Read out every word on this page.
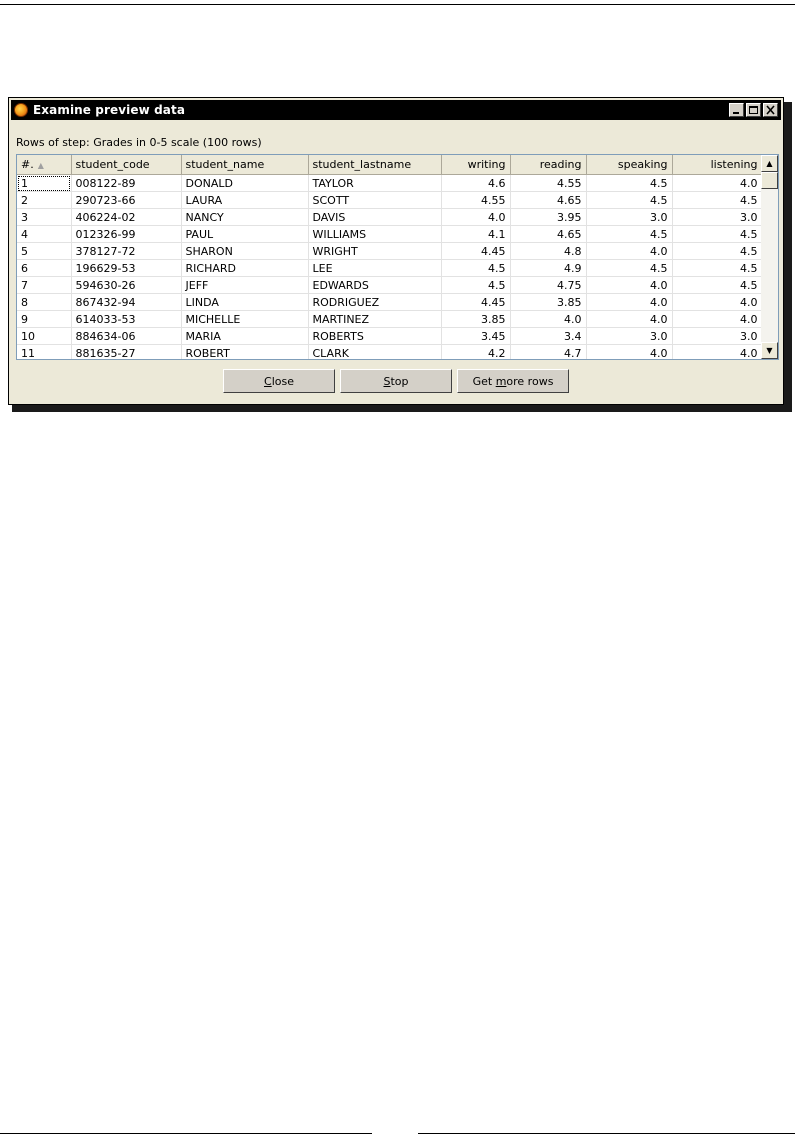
Examine preview data
Rows of step: Grades in 0-5 scale (100 rows)
#. ▲	student_code	student_name	student_lastname	writing	reading	speaking	listening
1	008122-89	DONALD	TAYLOR	4.6	4.55	4.5	4.0
2	290723-66	LAURA	SCOTT	4.55	4.65	4.5	4.5
3	406224-02	NANCY	DAVIS	4.0	3.95	3.0	3.0
4	012326-99	PAUL	WILLIAMS	4.1	4.65	4.5	4.5
5	378127-72	SHARON	WRIGHT	4.45	4.8	4.0	4.5
6	196629-53	RICHARD	LEE	4.5	4.9	4.5	4.5
7	594630-26	JEFF	EDWARDS	4.5	4.75	4.0	4.5
8	867432-94	LINDA	RODRIGUEZ	4.45	3.85	4.0	4.0
9	614033-53	MICHELLE	MARTINEZ	3.85	4.0	4.0	4.0
10	884634-06	MARIA	ROBERTS	3.45	3.4	3.0	3.0
11	881635-27	ROBERT	CLARK	4.2	4.7	4.0	4.0
▲
▼
C lose	S top	Get m ore rows
